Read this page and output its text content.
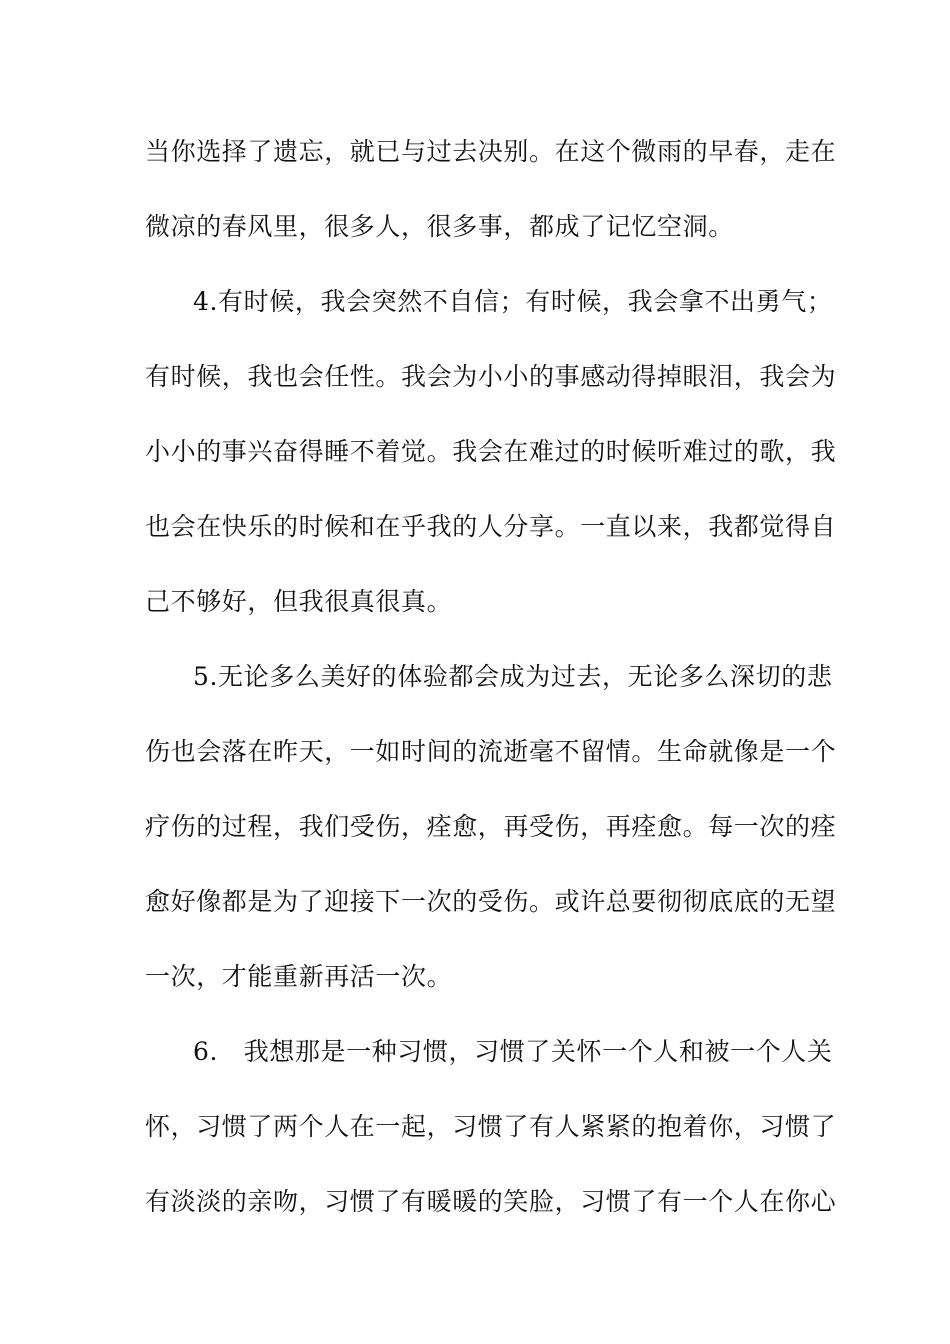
当你选择了遗忘，就已与过去决别。在这个微雨的早春，走在
微凉的春风里，很多人，很多事，都成了记忆空洞。
4.有时候，我会突然不自信；有时候，我会拿不出勇气；
有时候，我也会任性。我会为小小的事感动得掉眼泪，我会为
小小的事兴奋得睡不着觉。我会在难过的时候听难过的歌，我
也会在快乐的时候和在乎我的人分享。一直以来，我都觉得自
己不够好，但我很真很真。
5.无论多么美好的体验都会成为过去，无论多么深切的悲
伤也会落在昨天，一如时间的流逝毫不留情。生命就像是一个
疗伤的过程，我们受伤，痊愈，再受伤，再痊愈。每一次的痊
愈好像都是为了迎接下一次的受伤。或许总要彻彻底底的无望
一次，才能重新再活一次。
6.   我想那是一种习惯，习惯了关怀一个人和被一个人关
怀，习惯了两个人在一起，习惯了有人紧紧的抱着你，习惯了
有淡淡的亲吻，习惯了有暖暖的笑脸，习惯了有一个人在你心
